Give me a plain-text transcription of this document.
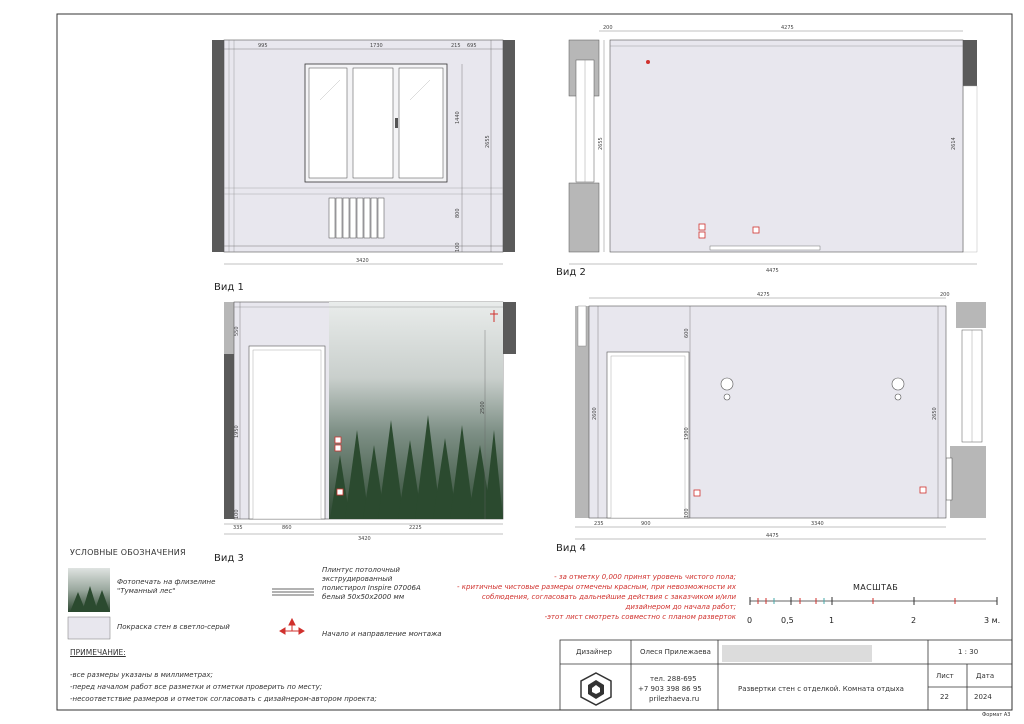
995	1730	215 695
1440
2655
800
100
3420
200	4275
2655	2614
4475
550
1950
2500
100
335	860	2225
3420
4275	200
600
2600
1900
2650
100
235	900	3340
4475
Вид 1
Вид 2
Вид 3
Вид 4
УСЛОВНЫЕ ОБОЗНАЧЕНИЯ
Фотопечать на флизелине
"Туманный лес"
Покраска стен в светло-серый
Плинтус потолочный
экструдированный
полистирол Inspire 07006A
белый 50х50х2000 мм
Начало и направление монтажа
- за отметку 0,000 принят уровень чистого пола;
- критичные чистовые размеры отмечены красным, при невозможности их
соблюдения, согласовать дальнейшие действия с заказчиком и/или
дизайнером до начала работ;
-этот лист смотреть совместно с планом разверток
МАСШТАБ
0	0,5	1	2	3 м.
ПРИМЕЧАНИЕ:
-все размеры указаны в миллиметрах;
-перед началом работ все разметки и отметки проверить по месту;
-несоответствие размеров и отметок согласовать с дизайнером-автором проекта;
Дизайнер	Олеся Прилежаева
тел. 288-695
+7 903 398 86 95
prilezhaeva.ru
Развертки стен с отделкой. Комната отдыха
1 : 30
Лист	Дата
22	2024
Формат А3
